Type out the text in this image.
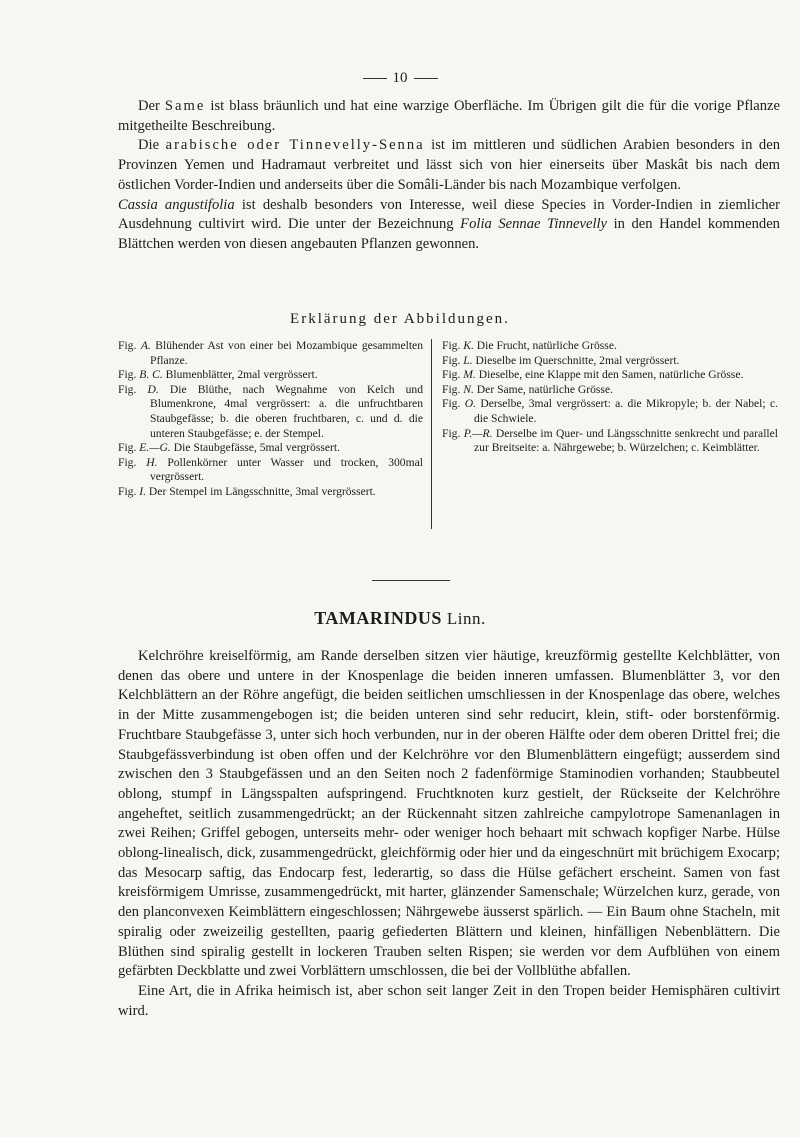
10

Der Same ist blass bräunlich und hat eine warzige Oberfläche. Im Übrigen gilt die für die vorige Pflanze mitgetheilte Beschreibung.

Die arabische oder Tinnevelly-Senna ist im mittleren und südlichen Arabien besonders in den Provinzen Yemen und Hadramaut verbreitet und lässt sich von hier einerseits über Maskât bis nach dem östlichen Vorder-Indien und anderseits über die Somâli-Länder bis nach Mozambique verfolgen.
Cassia angustifolia ist deshalb besonders von Interesse, weil diese Species in Vorder-Indien in ziemlicher Ausdehnung cultivirt wird. Die unter der Bezeichnung Folia Sennae Tinnevelly in den Handel kommenden Blättchen werden von diesen angebauten Pflanzen gewonnen.

Erklärung der Abbildungen.
Fig. A. Blühender Ast von einer bei Mozambique gesammelten Pflanze.
Fig. B. C. Blumenblätter, 2mal vergrössert.
Fig. D. Die Blüthe, nach Wegnahme von Kelch und Blumenkrone, 4mal vergrössert: a. die unfruchtbaren Staubgefässe; b. die oberen fruchtbaren, c. und d. die unteren Staubgefässe; e. der Stempel.
Fig. E.—G. Die Staubgefässe, 5mal vergrössert.
Fig. H. Pollenkörner unter Wasser und trocken, 300mal vergrössert.
Fig. I. Der Stempel im Längsschnitte, 3mal vergrössert.
Fig. K. Die Frucht, natürliche Grösse.
Fig. L. Dieselbe im Querschnitte, 2mal vergrössert.
Fig. M. Dieselbe, eine Klappe mit den Samen, natürliche Grösse.
Fig. N. Der Same, natürliche Grösse.
Fig. O. Derselbe, 3mal vergrössert: a. die Mikropyle; b. der Nabel; c. die Schwiele.
Fig. P.—R. Derselbe im Quer- und Längsschnitte senkrecht und parallel zur Breitseite: a. Nährgewebe; b. Würzelchen; c. Keimblätter.
TAMARINDUS Linn.

Kelchröhre kreiselförmig, am Rande derselben sitzen vier häutige, kreuzförmig gestellte Kelchblätter, von denen das obere und untere in der Knospenlage die beiden inneren umfassen. Blumenblätter 3, vor den Kelchblättern an der Röhre angefügt, die beiden seitlichen umschliessen in der Knospenlage das obere, welches in der Mitte zusammengebogen ist; die beiden unteren sind sehr reducirt, klein, stift- oder borstenförmig. Fruchtbare Staubgefässe 3, unter sich hoch verbunden, nur in der oberen Hälfte oder dem oberen Drittel frei; die Staubgefässverbindung ist oben offen und der Kelchröhre vor den Blumenblättern eingefügt; ausserdem sind zwischen den 3 Staubgefässen und an den Seiten noch 2 fadenförmige Staminodien vorhanden; Staubbeutel oblong, stumpf in Längsspalten aufspringend. Fruchtknoten kurz gestielt, der Rückseite der Kelchröhre angeheftet, seitlich zusammengedrückt; an der Rückennaht sitzen zahlreiche campylotrope Samenanlagen in zwei Reihen; Griffel gebogen, unterseits mehr- oder weniger hoch behaart mit schwach kopfiger Narbe. Hülse oblong-linealisch, dick, zusammengedrückt, gleichförmig oder hier und da eingeschnürt mit brüchigem Exocarp; das Mesocarp saftig, das Endocarp fest, lederartig, so dass die Hülse gefächert erscheint. Samen von fast kreisförmigem Umrisse, zusammengedrückt, mit harter, glänzender Samenschale; Würzelchen kurz, gerade, von den planconvexen Keimblättern eingeschlossen; Nährgewebe äusserst spärlich. — Ein Baum ohne Stacheln, mit spiralig oder zweizeilig gestellten, paarig gefiederten Blättern und kleinen, hinfälligen Nebenblättern. Die Blüthen sind spiralig gestellt in lockeren Trauben selten Rispen; sie werden vor dem Aufblühen von einem gefärbten Deckblatte und zwei Vorblättern umschlossen, die bei der Vollblüthe abfallen.

Eine Art, die in Afrika heimisch ist, aber schon seit langer Zeit in den Tropen beider Hemisphären cultivirt wird.
